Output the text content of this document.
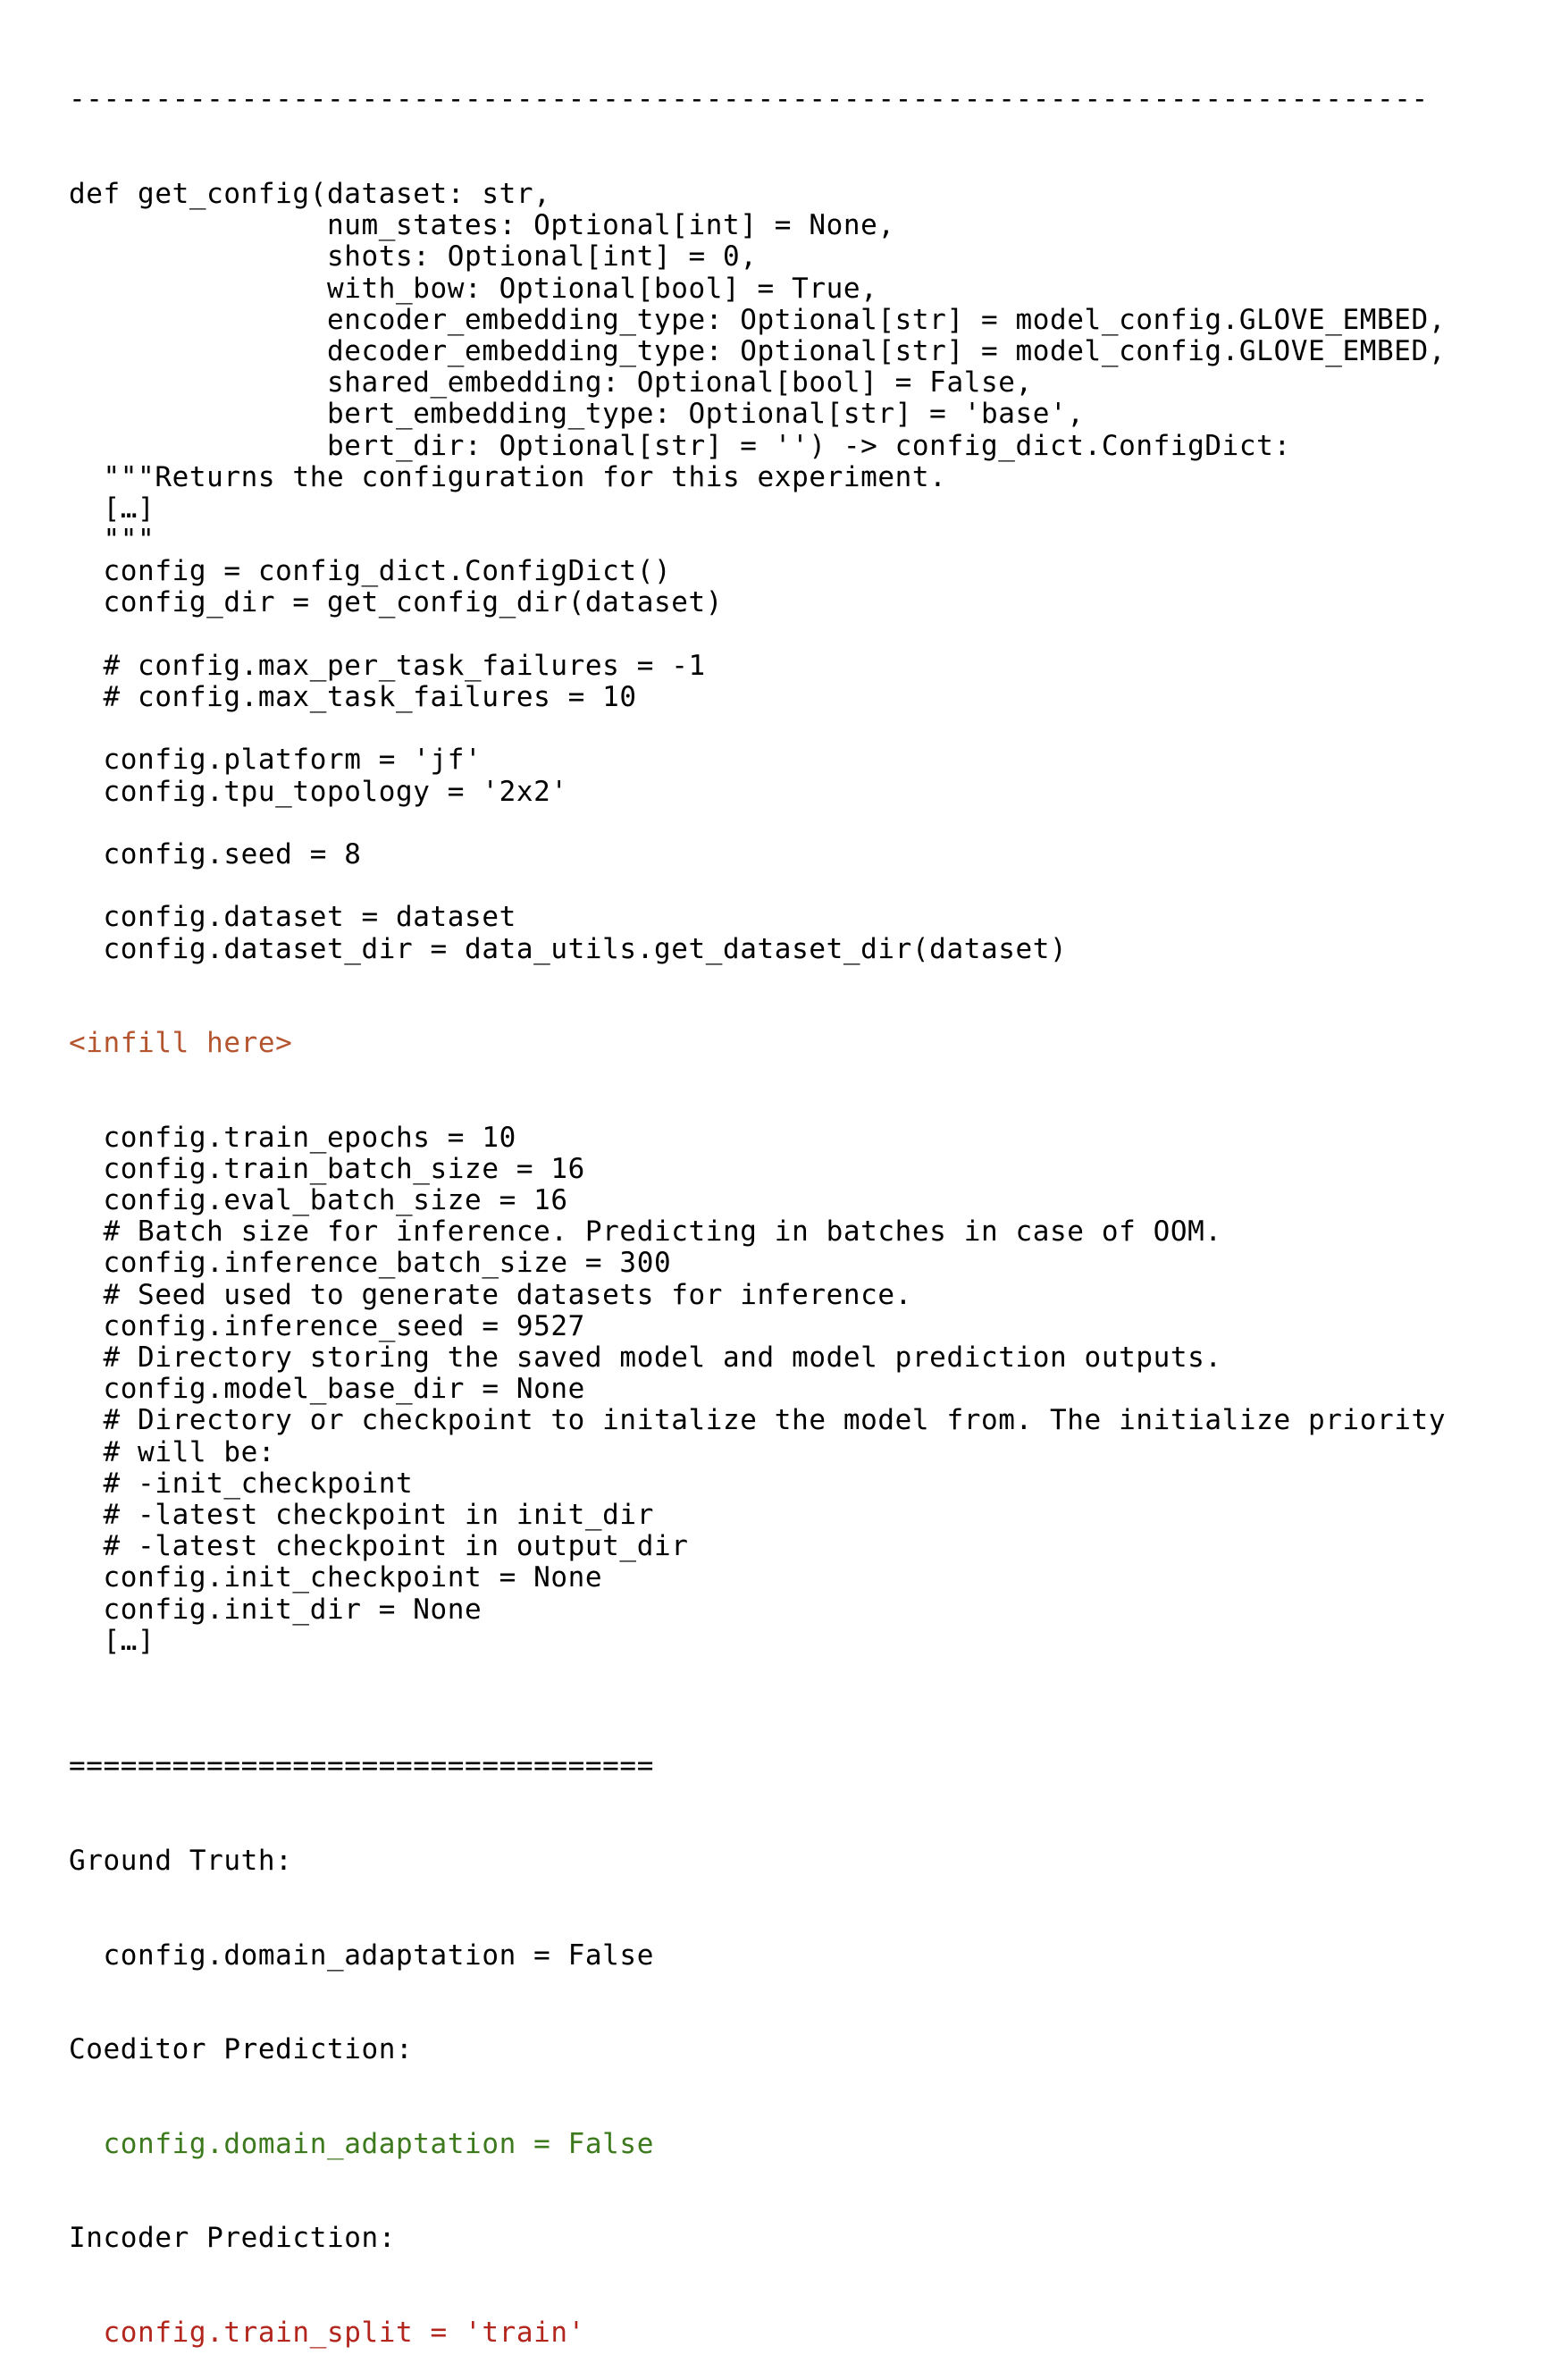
-------------------------------------------------------------------------------

def get_config(dataset: str,
num_states: Optional[int] = None,
shots: Optional[int] = 0,
with_bow: Optional[bool] = True,
encoder_embedding_type: Optional[str] = model_config.GLOVE_EMBED,
decoder_embedding_type: Optional[str] = model_config.GLOVE_EMBED,
shared_embedding: Optional[bool] = False,
bert_embedding_type: Optional[str] = 'base',
bert_dir: Optional[str] = '') -> config_dict.ConfigDict:
"""Returns the configuration for this experiment.
[…]
"""
config = config_dict.ConfigDict()
config_dir = get_config_dir(dataset)
# config.max_per_task_failures = -1
# config.max_task_failures = 10
config.platform = 'jf'
config.tpu_topology = '2x2'
config.seed = 8
config.dataset = dataset
config.dataset_dir = data_utils.get_dataset_dir(dataset)

<infill here>

config.train_epochs = 10
config.train_batch_size = 16
config.eval_batch_size = 16
# Batch size for inference. Predicting in batches in case of OOM.
config.inference_batch_size = 300
# Seed used to generate datasets for inference.
config.inference_seed = 9527
# Directory storing the saved model and model prediction outputs.
config.model_base_dir = None
# Directory or checkpoint to initalize the model from. The initialize priority
# will be:
# -init_checkpoint
# -latest checkpoint in init_dir
# -latest checkpoint in output_dir
config.init_checkpoint = None
config.init_dir = None
[…]

==================================

Ground Truth:

config.domain_adaptation = False

Coeditor Prediction:

config.domain_adaptation = False

Incoder Prediction:

config.train_split = 'train'
